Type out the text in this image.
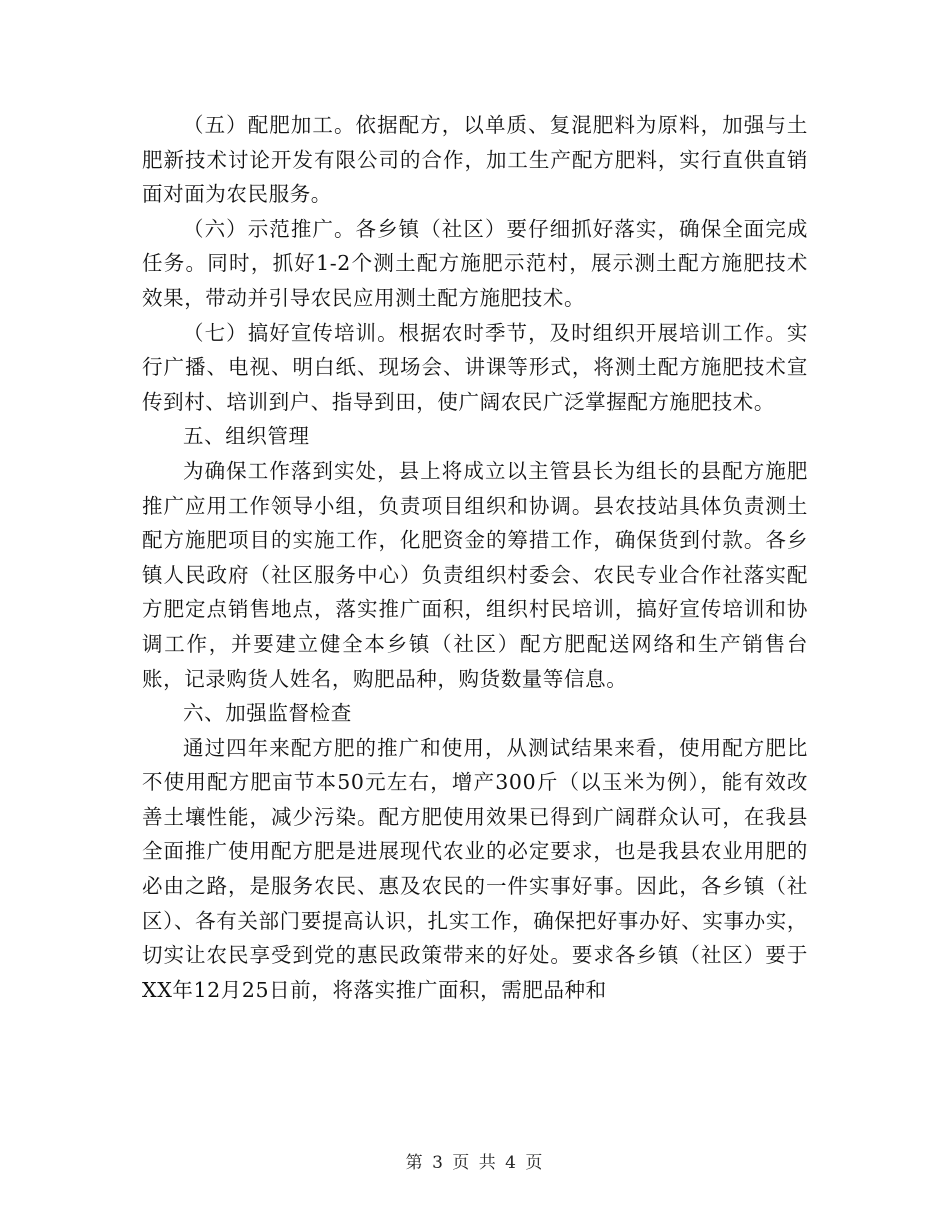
（五）配肥加工。依据配方，以单质、复混肥料为原料，加强与土肥新技术讨论开发有限公司的合作，加工生产配方肥料，实行直供直销面对面为农民服务。

（六）示范推广。各乡镇（社区）要仔细抓好落实，确保全面完成任务。同时，抓好1-2个测土配方施肥示范村，展示测土配方施肥技术效果，带动并引导农民应用测土配方施肥技术。

（七）搞好宣传培训。根据农时季节，及时组织开展培训工作。实行广播、电视、明白纸、现场会、讲课等形式，将测土配方施肥技术宣传到村、培训到户、指导到田，使广阔农民广泛掌握配方施肥技术。

五、组织管理

为确保工作落到实处，县上将成立以主管县长为组长的县配方施肥推广应用工作领导小组，负责项目组织和协调。县农技站具体负责测土配方施肥项目的实施工作，化肥资金的筹措工作，确保货到付款。各乡镇人民政府（社区服务中心）负责组织村委会、农民专业合作社落实配方肥定点销售地点，落实推广面积，组织村民培训，搞好宣传培训和协调工作，并要建立健全本乡镇（社区）配方肥配送网络和生产销售台账，记录购货人姓名，购肥品种，购货数量等信息。

六、加强监督检查

通过四年来配方肥的推广和使用，从测试结果来看，使用配方肥比不使用配方肥亩节本50元左右，增产300斤（以玉米为例），能有效改善土壤性能，减少污染。配方肥使用效果已得到广阔群众认可，在我县全面推广使用配方肥是进展现代农业的必定要求，也是我县农业用肥的必由之路，是服务农民、惠及农民的一件实事好事。因此，各乡镇（社区）、各有关部门要提高认识，扎实工作，确保把好事办好、实事办实，切实让农民享受到党的惠民政策带来的好处。要求各乡镇（社区）要于XX年12月25日前，将落实推广面积，需肥品种和

第 3 页 共 4 页
